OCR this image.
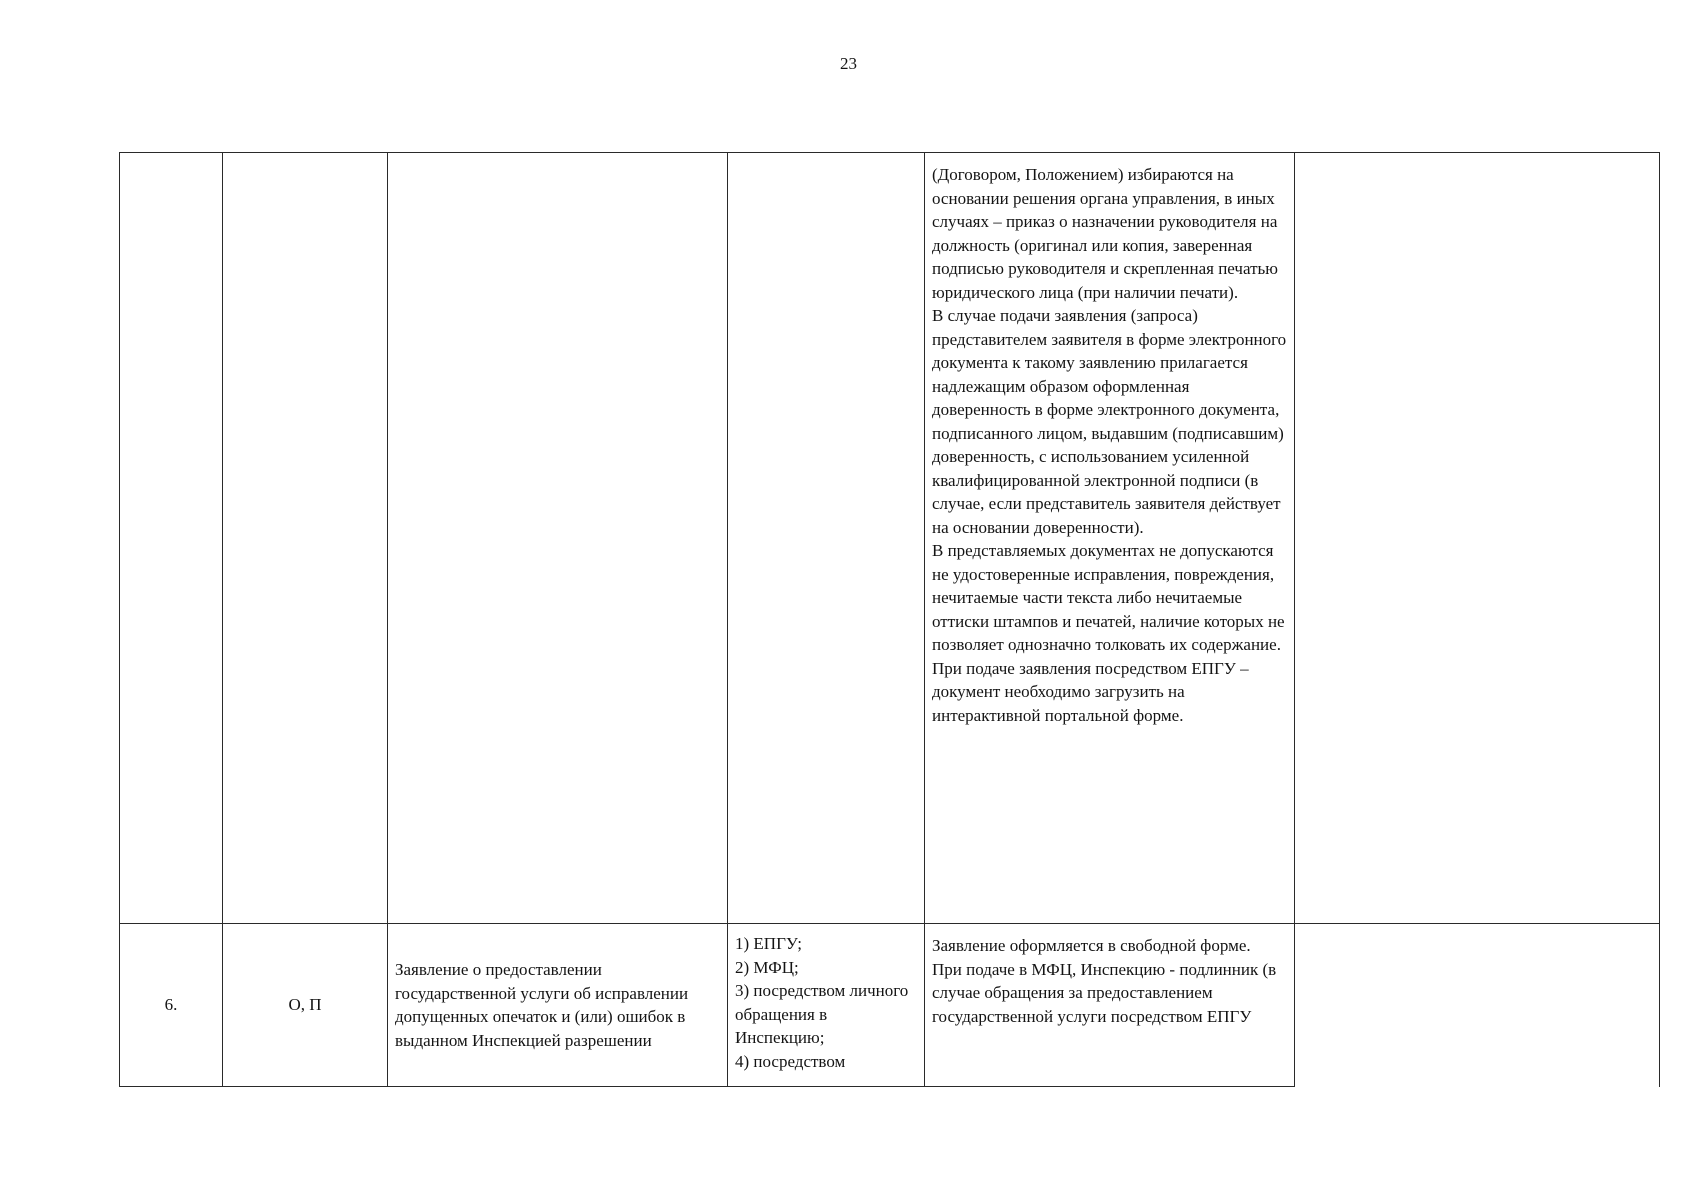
23

				(Договором, Положением) избираются на основании решения органа управления, в иных случаях – приказ о назначении руководителя на должность (оригинал или копия, заверенная подписью руководителя и скрепленная печатью юридического лица (при наличии печати).
В случае подачи заявления (запроса) представителем заявителя в форме электронного документа к такому заявлению прилагается надлежащим образом оформленная доверенность в форме электронного документа, подписанного лицом, выдавшим (подписавшим) доверенность, с использованием усиленной квалифицированной электронной подписи (в случае, если представитель заявителя действует на основании доверенности).
В представляемых документах не допускаются не удостоверенные исправления, повреждения, нечитаемые части текста либо нечитаемые оттиски штампов и печатей, наличие которых не позволяет однозначно толковать их содержание.
При подаче заявления посредством ЕПГУ – документ необходимо загрузить на интерактивной портальной форме.	

6.	О, П	Заявление о предоставлении государственной услуги об исправлении допущенных опечаток и (или) ошибок в выданном Инспекцией разрешении	1) ЕПГУ;
2) МФЦ;
3) посредством личного обращения в Инспекцию;
4) посредством	Заявление оформляется в свободной форме.
При подаче в МФЦ, Инспекцию - подлинник (в случае обращения за предоставлением государственной услуги посредством ЕПГУ	
